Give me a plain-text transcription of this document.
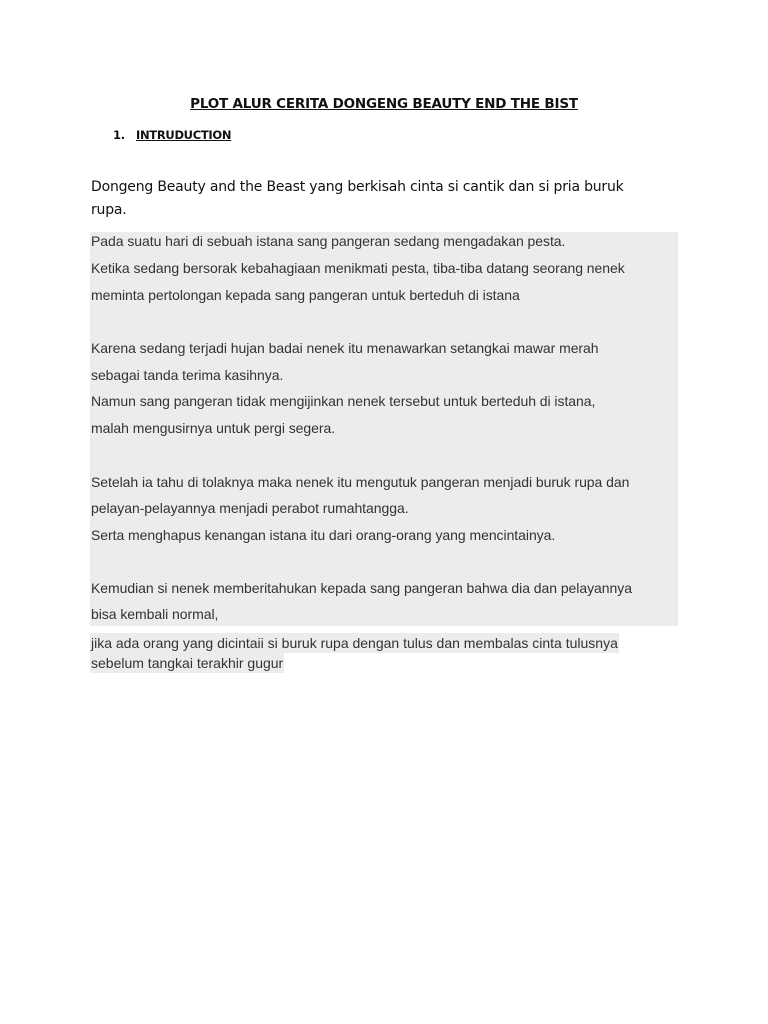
PLOT ALUR CERITA DONGENG BEAUTY END THE BIST
1. INTRUDUCTION
Dongeng Beauty and the Beast yang berkisah cinta si cantik dan si pria buruk rupa.
Pada suatu hari di sebuah istana sang pangeran sedang mengadakan pesta.
Ketika sedang bersorak kebahagiaan menikmati pesta, tiba-tiba datang seorang nenek
meminta pertolongan kepada sang pangeran untuk berteduh di istana
Karena sedang terjadi hujan badai nenek itu menawarkan setangkai mawar merah
sebagai tanda terima kasihnya.
Namun sang pangeran tidak mengijinkan nenek tersebut untuk berteduh di istana,
malah mengusirnya untuk pergi segera.
Setelah ia tahu di tolaknya maka nenek itu mengutuk pangeran menjadi buruk rupa dan
pelayan-pelayannya menjadi perabot rumahtangga.
Serta menghapus kenangan istana itu dari orang-orang yang mencintainya.
Kemudian si nenek memberitahukan kepada sang pangeran bahwa dia dan pelayannya
bisa kembali normal,
jika ada orang yang dicintaii si buruk rupa dengan tulus dan membalas cinta tulusnya
sebelum tangkai terakhir gugur
